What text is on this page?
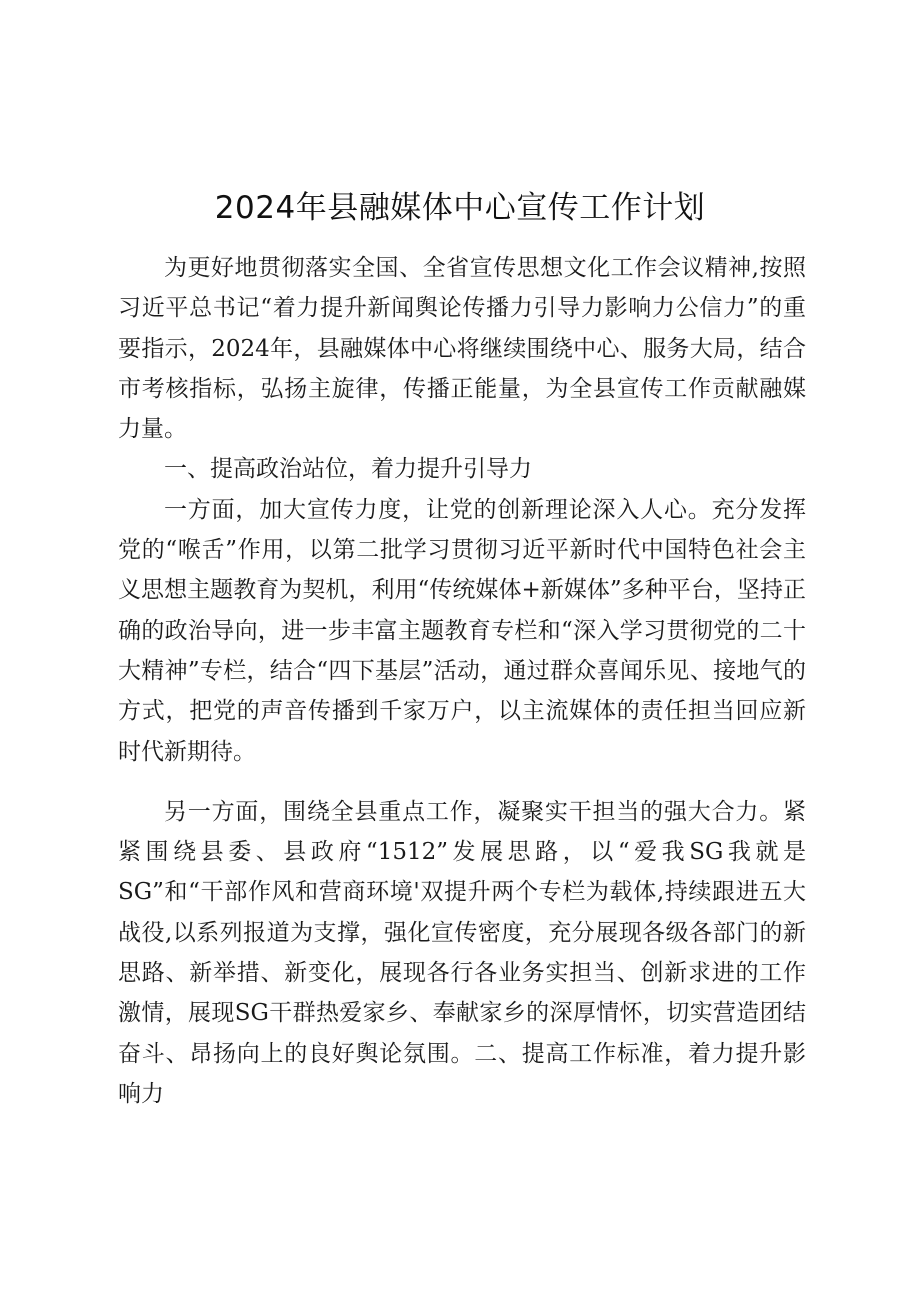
2024年县融媒体中心宣传工作计划

为更好地贯彻落实全国、全省宣传思想文化工作会议精神,按照习近平总书记“着力提升新闻舆论传播力引导力影响力公信力”的重要指示，2024年，县融媒体中心将继续围绕中心、服务大局，结合市考核指标，弘扬主旋律，传播正能量，为全县宣传工作贡献融媒力量。

一、提高政治站位，着力提升引导力

一方面，加大宣传力度，让党的创新理论深入人心。充分发挥党的“喉舌”作用，以第二批学习贯彻习近平新时代中国特色社会主义思想主题教育为契机，利用“传统媒体+新媒体”多种平台，坚持正确的政治导向，进一步丰富主题教育专栏和“深入学习贯彻党的二十大精神”专栏，结合“四下基层”活动，通过群众喜闻乐见、接地气的方式，把党的声音传播到千家万户，以主流媒体的责任担当回应新时代新期待。

另一方面，围绕全县重点工作，凝聚实干担当的强大合力。紧紧围绕县委、县政府“1512”发展思路，以“爱我SG我就是SG”和“干部作风和营商环境'双提升两个专栏为载体,持续跟进五大战役,以系列报道为支撑，强化宣传密度，充分展现各级各部门的新思路、新举措、新变化，展现各行各业务实担当、创新求进的工作激情，展现SG干群热爱家乡、奉献家乡的深厚情怀，切实营造团结奋斗、昂扬向上的良好舆论氛围。二、提高工作标准，着力提升影响力
